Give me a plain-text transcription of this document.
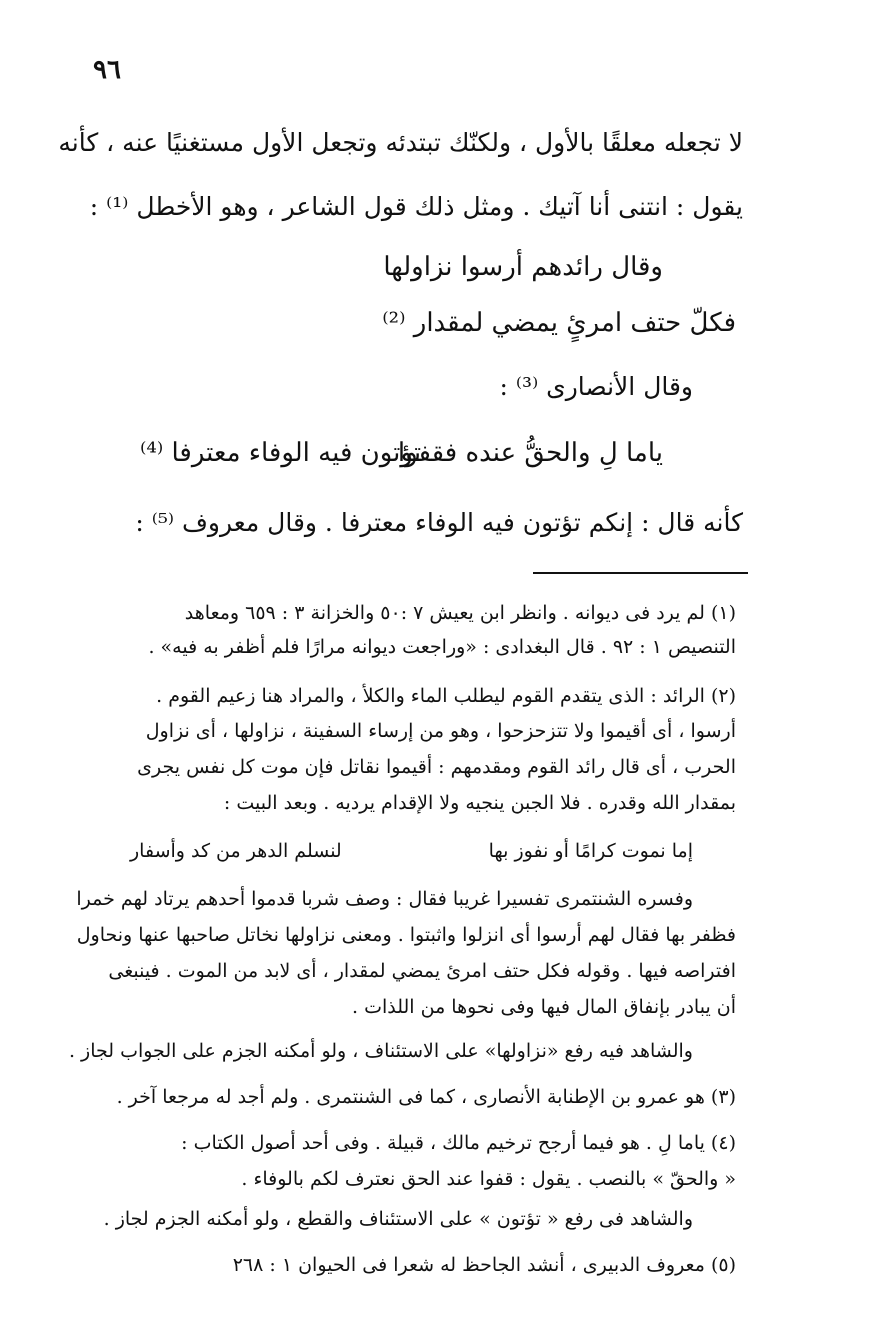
٩٦
لا تجعله معلقًا بالأول ، ولكنّك تبتدئه وتجعل الأول مستغنيًا عنه ، كأنه
يقول : انتنى أنا آتيك . ومثل ذلك قول الشاعر ، وهو الأخطل ⁽¹⁾ :
وقال رائدهم أرسوا نزاولها
فكلّ حتف امرئٍ يمضي لمقدار ⁽²⁾
وقال الأنصارى ⁽³⁾ :
ياما لِ والحقُّ عنده فقفوا
تؤتون فيه الوفاء معترفا ⁽⁴⁾
كأنه قال : إنكم تؤتون فيه الوفاء معترفا . وقال معروف ⁽⁵⁾ :
(١) لم يرد فى ديوانه . وانظر ابن يعيش ٧ :٥٠ والخزانة ٣ : ٦٥٩ ومعاهد
التنصيص ١ : ٩٢ . قال البغدادى : «وراجعت ديوانه مرارًا فلم أظفر به فيه» .
(٢) الرائد : الذى يتقدم القوم ليطلب الماء والكلأ ، والمراد هنا زعيم القوم .
أرسوا ، أى أقيموا ولا تتزحزحوا ، وهو من إرساء السفينة ، نزاولها ، أى نزاول
الحرب ، أى قال رائد القوم ومقدمهم : أقيموا نقاتل فإن موت كل نفس يجرى
بمقدار الله وقدره . فلا الجبن ينجيه ولا الإقدام يرديه . وبعد البيت :
إما نموت كرامًا أو نفوز بها
لنسلم الدهر من كد وأسفار
وفسره الشنتمرى تفسيرا غريبا فقال : وصف شربا قدموا أحدهم يرتاد لهم خمرا
فظفر بها فقال لهم أرسوا أى انزلوا واثبتوا . ومعنى نزاولها نخاتل صاحبها عنها ونحاول
افتراصه فيها . وقوله فكل حتف امرئ يمضي لمقدار ، أى لابد من الموت . فينبغى
أن يبادر بإنفاق المال فيها وفى نحوها من اللذات .
والشاهد فيه رفع «نزاولها» على الاستئناف ، ولو أمكنه الجزم على الجواب لجاز .
(٣) هو عمرو بن الإطنابة الأنصارى ، كما فى الشنتمرى . ولم أجد له مرجعا آخر .
(٤) ياما لِ . هو فيما أرجح ترخيم مالك ، قبيلة . وفى أحد أصول الكتاب :
« والحقّ » بالنصب . يقول : قفوا عند الحق نعترف لكم بالوفاء .
والشاهد فى رفع « تؤتون » على الاستئناف والقطع ، ولو أمكنه الجزم لجاز .
(٥) معروف الدبيرى ، أنشد الجاحظ له شعرا فى الحيوان ١ : ٢٦٨
